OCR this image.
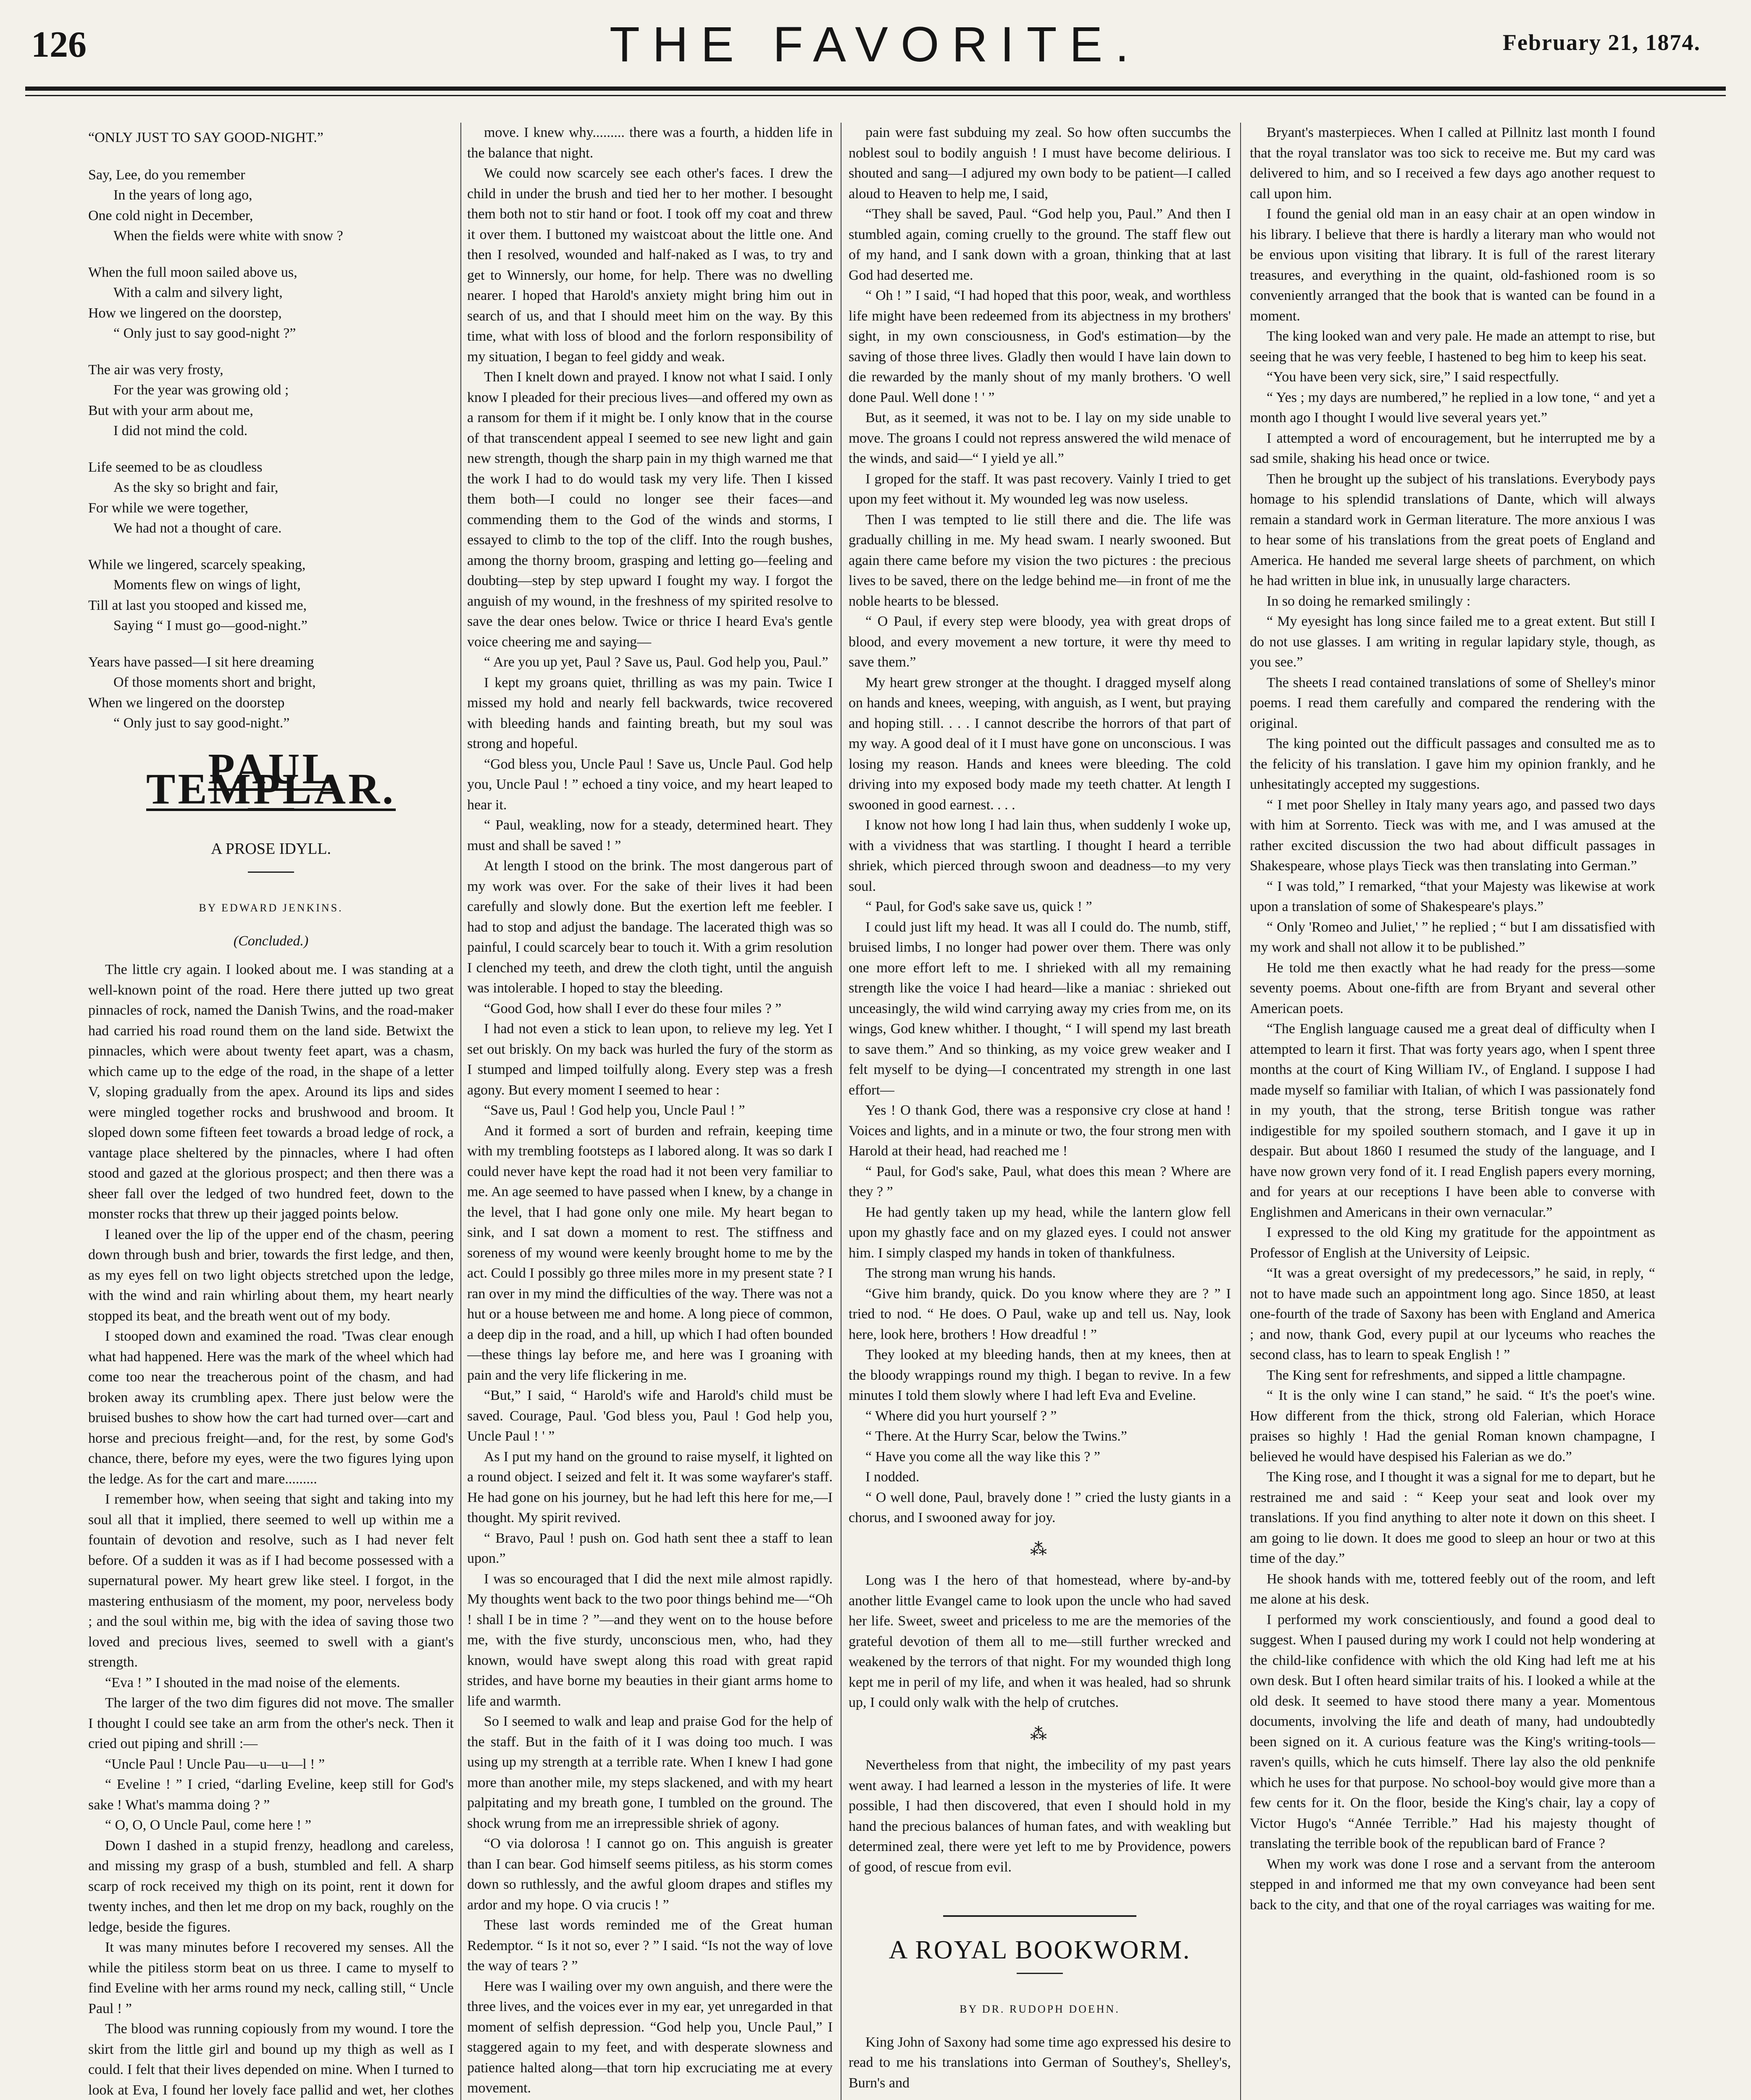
126	THE FAVORITE.	February 21, 1874.
“ONLY JUST TO SAY GOOD-NIGHT.”
Say, Lee, do you remember
In the years of long ago,
One cold night in December,
When the fields were white with snow ?
When the full moon sailed above us,
With a calm and silvery light,
How we lingered on the doorstep,
“ Only just to say good-night ?”
The air was very frosty,
For the year was growing old ;
But with your arm about me,
I did not mind the cold.
Life seemed to be as cloudless
As the sky so bright and fair,
For while we were together,
We had not a thought of care.
While we lingered, scarcely speaking,
Moments flew on wings of light,
Till at last you stooped and kissed me,
Saying “ I must go—good-night.”
Years have passed—I sit here dreaming
Of those moments short and bright,
When we lingered on the doorstep
“ Only just to say good-night.”
PAUL TEMPLAR.
A PROSE IDYLL.
BY EDWARD JENKINS.
(Concluded.)

The little cry again. I looked about me. I was standing at a well-known point of the road. Here there jutted up two great pinnacles of rock, named the Danish Twins, and the road-maker had carried his road round them on the land side. Betwixt the pinnacles, which were about twenty feet apart, was a chasm, which came up to the edge of the road, in the shape of a letter V, sloping gradually from the apex. Around its lips and sides were mingled together rocks and brushwood and broom. It sloped down some fifteen feet towards a broad ledge of rock, a vantage place sheltered by the pinnacles, where I had often stood and gazed at the glorious prospect; and then there was a sheer fall over the ledged of two hundred feet, down to the monster rocks that threw up their jagged points below.

I leaned over the lip of the upper end of the chasm, peering down through bush and brier, towards the first ledge, and then, as my eyes fell on two light objects stretched upon the ledge, with the wind and rain whirling about them, my heart nearly stopped its beat, and the breath went out of my body.

I stooped down and examined the road. 'Twas clear enough what had happened. Here was the mark of the wheel which had come too near the treacherous point of the chasm, and had broken away its crumbling apex. There just below were the bruised bushes to show how the cart had turned over—cart and horse and precious freight—and, for the rest, by some God's chance, there, before my eyes, were the two figures lying upon the ledge. As for the cart and mare.........

I remember how, when seeing that sight and taking into my soul all that it implied, there seemed to well up within me a fountain of devotion and resolve, such as I had never felt before. Of a sudden it was as if I had become possessed with a supernatural power. My heart grew like steel. I forgot, in the mastering enthusiasm of the moment, my poor, nerveless body ; and the soul within me, big with the idea of saving those two loved and precious lives, seemed to swell with a giant's strength.

“Eva ! ” I shouted in the mad noise of the elements.

The larger of the two dim figures did not move. The smaller I thought I could see take an arm from the other's neck. Then it cried out piping and shrill :—

“Uncle Paul ! Uncle Pau—u—u—l ! ”

“ Eveline ! ” I cried, “darling Eveline, keep still for God's sake ! What's mamma doing ? ”

“ O, O, O Uncle Paul, come here ! ”

Down I dashed in a stupid frenzy, headlong and careless, and missing my grasp of a bush, stumbled and fell. A sharp scarp of rock received my thigh on its point, rent it down for twenty inches, and then let me drop on my back, roughly on the ledge, beside the figures.

It was many minutes before I recovered my senses. All the while the pitiless storm beat on us three. I came to myself to find Eveline with her arms round my neck, calling still, “ Uncle Paul ! ”

The blood was running copiously from my wound. I tore the skirt from the little girl and bound up my thigh as well as I could. I felt that their lives depended on mine. When I turned to look at Eva, I found her lovely face pallid and wet, her clothes

move. I knew why......... there was a fourth, a hidden life in the balance that night.

We could now scarcely see each other's faces. I drew the child in under the brush and tied her to her mother. I besought them both not to stir hand or foot. I took off my coat and threw it over them. I buttoned my waistcoat about the little one. And then I resolved, wounded and half-naked as I was, to try and get to Winnersly, our home, for help. There was no dwelling nearer. I hoped that Harold's anxiety might bring him out in search of us, and that I should meet him on the way. By this time, what with loss of blood and the forlorn responsibility of my situation, I began to feel giddy and weak.

Then I knelt down and prayed. I know not what I said. I only know I pleaded for their precious lives—and offered my own as a ransom for them if it might be. I only know that in the course of that transcendent appeal I seemed to see new light and gain new strength, though the sharp pain in my thigh warned me that the work I had to do would task my very life. Then I kissed them both—I could no longer see their faces—and commending them to the God of the winds and storms, I essayed to climb to the top of the cliff. Into the rough bushes, among the thorny broom, grasping and letting go—feeling and doubting—step by step upward I fought my way. I forgot the anguish of my wound, in the freshness of my spirited resolve to save the dear ones below. Twice or thrice I heard Eva's gentle voice cheering me and saying—

“ Are you up yet, Paul ? Save us, Paul. God help you, Paul.”

I kept my groans quiet, thrilling as was my pain. Twice I missed my hold and nearly fell backwards, twice recovered with bleeding hands and fainting breath, but my soul was strong and hopeful.

“God bless you, Uncle Paul ! Save us, Uncle Paul. God help you, Uncle Paul ! ” echoed a tiny voice, and my heart leaped to hear it.

“ Paul, weakling, now for a steady, determined heart. They must and shall be saved ! ”

At length I stood on the brink. The most dangerous part of my work was over. For the sake of their lives it had been carefully and slowly done. But the exertion left me feebler. I had to stop and adjust the bandage. The lacerated thigh was so painful, I could scarcely bear to touch it. With a grim resolution I clenched my teeth, and drew the cloth tight, until the anguish was intolerable. I hoped to stay the bleeding.

“Good God, how shall I ever do these four miles ? ”

I had not even a stick to lean upon, to relieve my leg. Yet I set out briskly. On my back was hurled the fury of the storm as I stumped and limped toilfully along. Every step was a fresh agony. But every moment I seemed to hear :

“Save us, Paul ! God help you, Uncle Paul ! ”

And it formed a sort of burden and refrain, keeping time with my trembling footsteps as I labored along. It was so dark I could never have kept the road had it not been very familiar to me. An age seemed to have passed when I knew, by a change in the level, that I had gone only one mile. My heart began to sink, and I sat down a moment to rest. The stiffness and soreness of my wound were keenly brought home to me by the act. Could I possibly go three miles more in my present state ? I ran over in my mind the difficulties of the way. There was not a hut or a house between me and home. A long piece of common, a deep dip in the road, and a hill, up which I had often bounded—these things lay before me, and here was I groaning with pain and the very life flickering in me.

“But,” I said, “ Harold's wife and Harold's child must be saved. Courage, Paul. 'God bless you, Paul ! God help you, Uncle Paul ! ' ”

As I put my hand on the ground to raise myself, it lighted on a round object. I seized and felt it. It was some wayfarer's staff. He had gone on his journey, but he had left this here for me,—I thought. My spirit revived.

“ Bravo, Paul ! push on. God hath sent thee a staff to lean upon.”

I was so encouraged that I did the next mile almost rapidly. My thoughts went back to the two poor things behind me—“Oh ! shall I be in time ? ”—and they went on to the house before me, with the five sturdy, unconscious men, who, had they known, would have swept along this road with great rapid strides, and have borne my beauties in their giant arms home to life and warmth.

So I seemed to walk and leap and praise God for the help of the staff. But in the faith of it I was doing too much. I was using up my strength at a terrible rate. When I knew I had gone more than another mile, my steps slackened, and with my heart palpitating and my breath gone, I tumbled on the ground. The shock wrung from me an irrepressible shriek of agony.

“O via dolorosa ! I cannot go on. This anguish is greater than I can bear. God himself seems pitiless, as his storm comes down so ruthlessly, and the awful gloom drapes and stifles my ardor and my hope. O via crucis ! ”

These last words reminded me of the Great human Redemptor. “ Is it not so, ever ? ” I said. “Is not the way of love the way of tears ? ”

Here was I wailing over my own anguish, and there were the three lives, and the voices ever in my ear, yet unregarded in that moment of selfish depression. “God help you, Uncle Paul,” I staggered again to my feet, and with desperate slowness and patience halted along—that torn hip excruciating me at every movement.

pain were fast subduing my zeal. So how often succumbs the noblest soul to bodily anguish ! I must have become delirious. I shouted and sang—I adjured my own body to be patient—I called aloud to Heaven to help me, I said,

“They shall be saved, Paul. “God help you, Paul.” And then I stumbled again, coming cruelly to the ground. The staff flew out of my hand, and I sank down with a groan, thinking that at last God had deserted me.

“ Oh ! ” I said, “I had hoped that this poor, weak, and worthless life might have been redeemed from its abjectness in my brothers' sight, in my own consciousness, in God's estimation—by the saving of those three lives. Gladly then would I have lain down to die rewarded by the manly shout of my manly brothers. 'O well done Paul. Well done ! ' ”

But, as it seemed, it was not to be. I lay on my side unable to move. The groans I could not repress answered the wild menace of the winds, and said—“ I yield ye all.”

I groped for the staff. It was past recovery. Vainly I tried to get upon my feet without it. My wounded leg was now useless.

Then I was tempted to lie still there and die. The life was gradually chilling in me. My head swam. I nearly swooned. But again there came before my vision the two pictures : the precious lives to be saved, there on the ledge behind me—in front of me the noble hearts to be blessed.

“ O Paul, if every step were bloody, yea with great drops of blood, and every movement a new torture, it were thy meed to save them.”

My heart grew stronger at the thought. I dragged myself along on hands and knees, weeping, with anguish, as I went, but praying and hoping still. . . . I cannot describe the horrors of that part of my way. A good deal of it I must have gone on unconscious. I was losing my reason. Hands and knees were bleeding. The cold driving into my exposed body made my teeth chatter. At length I swooned in good earnest. . . .

I know not how long I had lain thus, when suddenly I woke up, with a vividness that was startling. I thought I heard a terrible shriek, which pierced through swoon and deadness—to my very soul.

“ Paul, for God's sake save us, quick ! ”

I could just lift my head. It was all I could do. The numb, stiff, bruised limbs, I no longer had power over them. There was only one more effort left to me. I shrieked with all my remaining strength like the voice I had heard—like a maniac : shrieked out unceasingly, the wild wind carrying away my cries from me, on its wings, God knew whither. I thought, “ I will spend my last breath to save them.” And so thinking, as my voice grew weaker and I felt myself to be dying—I concentrated my strength in one last effort—

Yes ! O thank God, there was a responsive cry close at hand ! Voices and lights, and in a minute or two, the four strong men with Harold at their head, had reached me !

“ Paul, for God's sake, Paul, what does this mean ? Where are they ? ”

He had gently taken up my head, while the lantern glow fell upon my ghastly face and on my glazed eyes. I could not answer him. I simply clasped my hands in token of thankfulness.

The strong man wrung his hands.

“Give him brandy, quick. Do you know where they are ? ” I tried to nod. “ He does. O Paul, wake up and tell us. Nay, look here, look here, brothers ! How dreadful ! ”

They looked at my bleeding hands, then at my knees, then at the bloody wrappings round my thigh. I began to revive. In a few minutes I told them slowly where I had left Eva and Eveline.

“ Where did you hurt yourself ? ”

“ There. At the Hurry Scar, below the Twins.”

“ Have you come all the way like this ? ”

I nodded.

“ O well done, Paul, bravely done ! ” cried the lusty giants in a chorus, and I swooned away for joy.

⁂

Long was I the hero of that homestead, where by-and-by another little Evangel came to look upon the uncle who had saved her life. Sweet, sweet and priceless to me are the memories of the grateful devotion of them all to me—still further wrecked and weakened by the terrors of that night. For my wounded thigh long kept me in peril of my life, and when it was healed, had so shrunk up, I could only walk with the help of crutches.

⁂

Nevertheless from that night, the imbecility of my past years went away. I had learned a lesson in the mysteries of life. It were possible, I had then discovered, that even I should hold in my hand the precious balances of human fates, and with weakling but determined zeal, there were yet left to me by Providence, powers of good, of rescue from evil.

A ROYAL BOOKWORM.
BY DR. RUDOPH DOEHN.

King John of Saxony had some time ago expressed his desire to read to me his translations into German of Southey's, Shelley's, Burn's and

Bryant's masterpieces. When I called at Pillnitz last month I found that the royal translator was too sick to receive me. But my card was delivered to him, and so I received a few days ago another request to call upon him.

I found the genial old man in an easy chair at an open window in his library. I believe that there is hardly a literary man who would not be envious upon visiting that library. It is full of the rarest literary treasures, and everything in the quaint, old-fashioned room is so conveniently arranged that the book that is wanted can be found in a moment.

The king looked wan and very pale. He made an attempt to rise, but seeing that he was very feeble, I hastened to beg him to keep his seat.

“You have been very sick, sire,” I said respectfully.

“ Yes ; my days are numbered,” he replied in a low tone, “ and yet a month ago I thought I would live several years yet.”

I attempted a word of encouragement, but he interrupted me by a sad smile, shaking his head once or twice.

Then he brought up the subject of his translations. Everybody pays homage to his splendid translations of Dante, which will always remain a standard work in German literature. The more anxious I was to hear some of his translations from the great poets of England and America. He handed me several large sheets of parchment, on which he had written in blue ink, in unusually large characters.

In so doing he remarked smilingly :

“ My eyesight has long since failed me to a great extent. But still I do not use glasses. I am writing in regular lapidary style, though, as you see.”

The sheets I read contained translations of some of Shelley's minor poems. I read them carefully and compared the rendering with the original.

The king pointed out the difficult passages and consulted me as to the felicity of his translation. I gave him my opinion frankly, and he unhesitatingly accepted my suggestions.

“ I met poor Shelley in Italy many years ago, and passed two days with him at Sorrento. Tieck was with me, and I was amused at the rather excited discussion the two had about difficult passages in Shakespeare, whose plays Tieck was then translating into German.”

“ I was told,” I remarked, “that your Majesty was likewise at work upon a translation of some of Shakespeare's plays.”

“ Only 'Romeo and Juliet,' ” he replied ; “ but I am dissatisfied with my work and shall not allow it to be published.”

He told me then exactly what he had ready for the press—some seventy poems. About one-fifth are from Bryant and several other American poets.

“The English language caused me a great deal of difficulty when I attempted to learn it first. That was forty years ago, when I spent three months at the court of King William IV., of England. I suppose I had made myself so familiar with Italian, of which I was passionately fond in my youth, that the strong, terse British tongue was rather indigestible for my spoiled southern stomach, and I gave it up in despair. But about 1860 I resumed the study of the language, and I have now grown very fond of it. I read English papers every morning, and for years at our receptions I have been able to converse with Englishmen and Americans in their own vernacular.”

I expressed to the old King my gratitude for the appointment as Professor of English at the University of Leipsic.

“It was a great oversight of my predecessors,” he said, in reply, “ not to have made such an appointment long ago. Since 1850, at least one-fourth of the trade of Saxony has been with England and America ; and now, thank God, every pupil at our lyceums who reaches the second class, has to learn to speak English ! ”

The King sent for refreshments, and sipped a little champagne.

“ It is the only wine I can stand,” he said. “ It's the poet's wine. How different from the thick, strong old Falerian, which Horace praises so highly ! Had the genial Roman known champagne, I believed he would have despised his Falerian as we do.”

The King rose, and I thought it was a signal for me to depart, but he restrained me and said : “ Keep your seat and look over my translations. If you find anything to alter note it down on this sheet. I am going to lie down. It does me good to sleep an hour or two at this time of the day.”

He shook hands with me, tottered feebly out of the room, and left me alone at his desk.

I performed my work conscientiously, and found a good deal to suggest. When I paused during my work I could not help wondering at the child-like confidence with which the old King had left me at his own desk. But I often heard similar traits of his. I looked a while at the old desk. It seemed to have stood there many a year. Momentous documents, involving the life and death of many, had undoubtedly been signed on it. A curious feature was the King's writing-tools—raven's quills, which he cuts himself. There lay also the old penknife which he uses for that purpose. No school-boy would give more than a few cents for it. On the floor, beside the King's chair, lay a copy of Victor Hugo's “Année Terrible.” Had his majesty thought of translating the terrible book of the republican bard of France ?

When my work was done I rose and a servant from the anteroom stepped in and informed me that my own conveyance had been sent back to the city, and that one of the royal carriages was waiting for me.
